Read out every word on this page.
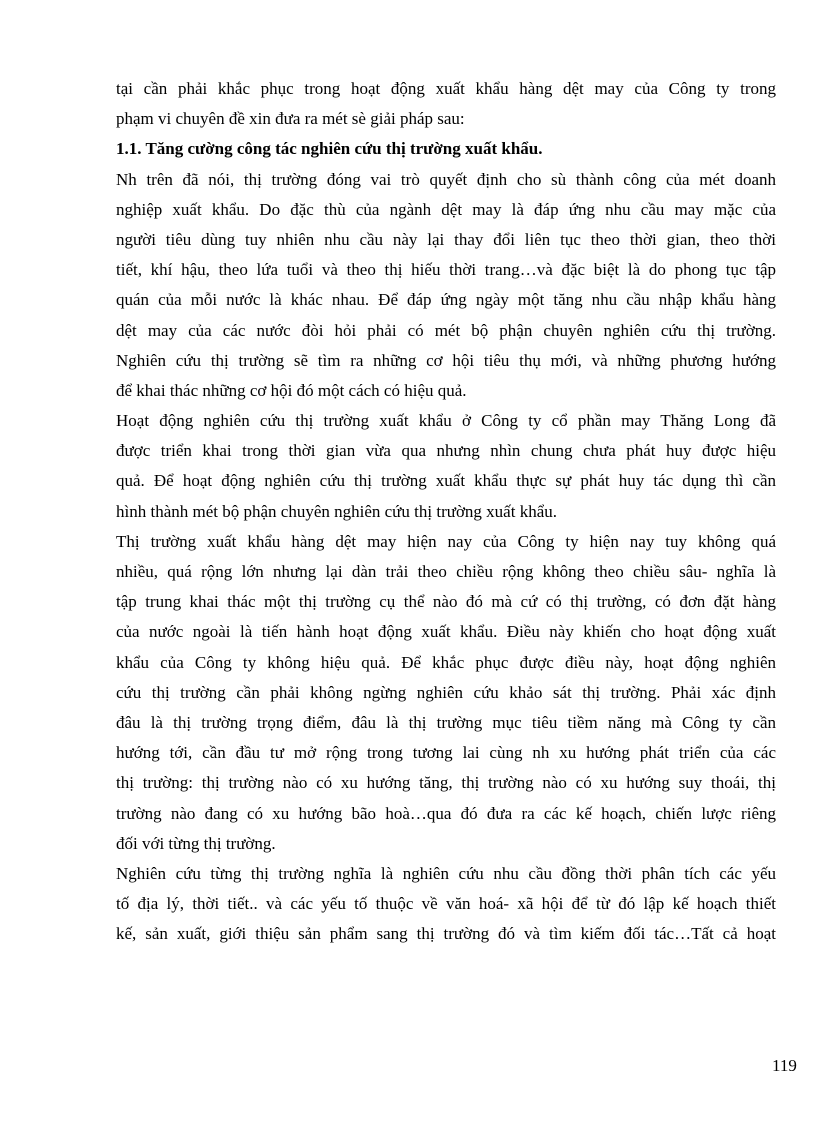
tại cần phải khắc phục trong hoạt động xuất khẩu hàng dệt may của Công ty trong
phạm vi chuyên đề xin đưa ra mét sè giải pháp sau:
1.1. Tăng cường công tác nghiên cứu thị trường xuất khẩu.
Nh trên đã nói, thị trường đóng vai trò quyết định cho sù thành công của mét doanh
nghiệp xuất khẩu. Do đặc thù của ngành dệt may là đáp ứng nhu cầu may mặc của
người tiêu dùng tuy nhiên nhu cầu này lại thay đổi liên tục theo thời gian, theo thời
tiết, khí hậu, theo lứa tuổi và theo thị hiếu thời trang…và đặc biệt là do phong tục tập
quán của mỗi nước là khác nhau. Để đáp ứng ngày một tăng nhu cầu nhập khẩu hàng
dệt may của các nước đòi hỏi phải có mét bộ phận chuyên nghiên cứu thị trường.
Nghiên cứu thị trường sẽ tìm ra những cơ hội tiêu thụ mới, và những phương hướng
để khai thác những cơ hội đó một cách có hiệu quả.
Hoạt động nghiên cứu thị trường xuất khẩu ở Công ty cổ phần may Thăng Long đã
được triển khai trong thời gian vừa qua nhưng nhìn chung chưa phát huy được hiệu
quả. Để hoạt động nghiên cứu thị trường xuất khẩu thực sự phát huy tác dụng thì cần
hình thành mét bộ phận chuyên nghiên cứu thị trường xuất khẩu.
Thị trường xuất khẩu hàng dệt may hiện nay của Công ty hiện nay tuy không quá
nhiều, quá rộng lớn nhưng lại dàn trải theo chiều rộng không theo chiều sâu- nghĩa là
tập trung khai thác một thị trường cụ thể nào đó mà cứ có thị trường, có đơn đặt hàng
của nước ngoài là tiến hành hoạt động xuất khẩu. Điều này khiến cho hoạt động xuất
khẩu của Công ty không hiệu quả. Để khắc phục được điều này, hoạt động nghiên
cứu thị trường cần phải không ngừng nghiên cứu khảo sát thị trường. Phải xác định
đâu là thị trường trọng điểm, đâu là thị trường mục tiêu tiềm năng mà Công ty cần
hướng tới, cần đầu tư mở rộng trong tương lai cùng nh xu hướng phát triển của các
thị trường: thị trường nào có xu hướng tăng, thị trường nào có xu hướng suy thoái, thị
trường nào đang có xu hướng bão hoà…qua đó đưa ra các kế hoạch, chiến lược riêng
đối với từng thị trường.
Nghiên cứu từng thị trường nghĩa là nghiên cứu nhu cầu đồng thời phân tích các yếu
tố địa lý, thời tiết.. và các yếu tố thuộc về văn hoá- xã hội để từ đó lập kế hoạch thiết
kế, sản xuất, giới thiệu sản phẩm sang thị trường đó và tìm kiếm đối tác…Tất cả hoạt
119
